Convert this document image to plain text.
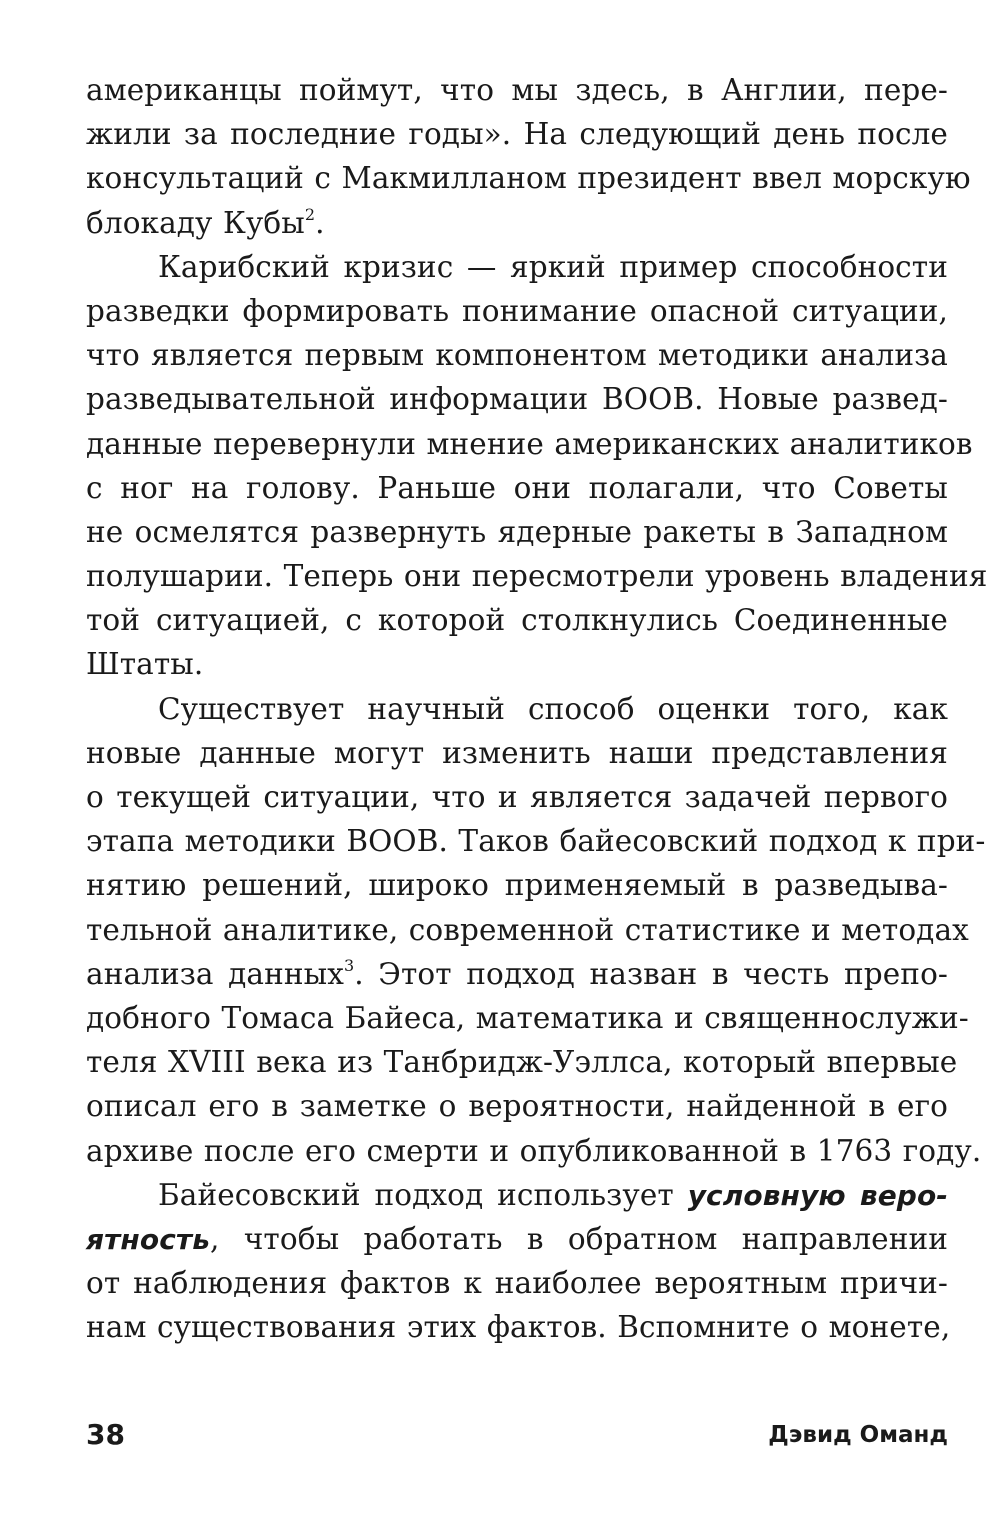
американцы поймут, что мы здесь, в Англии, пере-
жили за последние годы». На следующий день после
консультаций с Макмилланом президент ввел морскую
блокаду Кубы$^2$.
Карибский кризис — яркий пример способности
разведки формировать понимание опасной ситуации,
что является первым компонентом методики анализа
разведывательной информации ВООВ. Новые развед-
данные перевернули мнение американских аналитиков
с ног на голову. Раньше они полагали, что Советы
не осмелятся развернуть ядерные ракеты в Западном
полушарии. Теперь они пересмотрели уровень владения
той ситуацией, с которой столкнулись Соединенные
Штаты.
Существует научный способ оценки того, как
новые данные могут изменить наши представления
о текущей ситуации, что и является задачей первого
этапа методики ВООВ. Таков байесовский подход к при-
нятию решений, широко применяемый в разведыва-
тельной аналитике, современной статистике и методах
анализа данных$^3$. Этот подход назван в честь препо-
добного Томаса Байеса, математика и священнослужи-
теля XVIII века из Танбридж-Уэллса, который впервые
описал его в заметке о вероятности, найденной в его
архиве после его смерти и опубликованной в 1763 году.
Байесовский подход использует условную веро-
ятность, чтобы работать в обратном направлении
от наблюдения фактов к наиболее вероятным причи-
нам существования этих фактов. Вспомните о монете,
38	Дэвид Оманд
